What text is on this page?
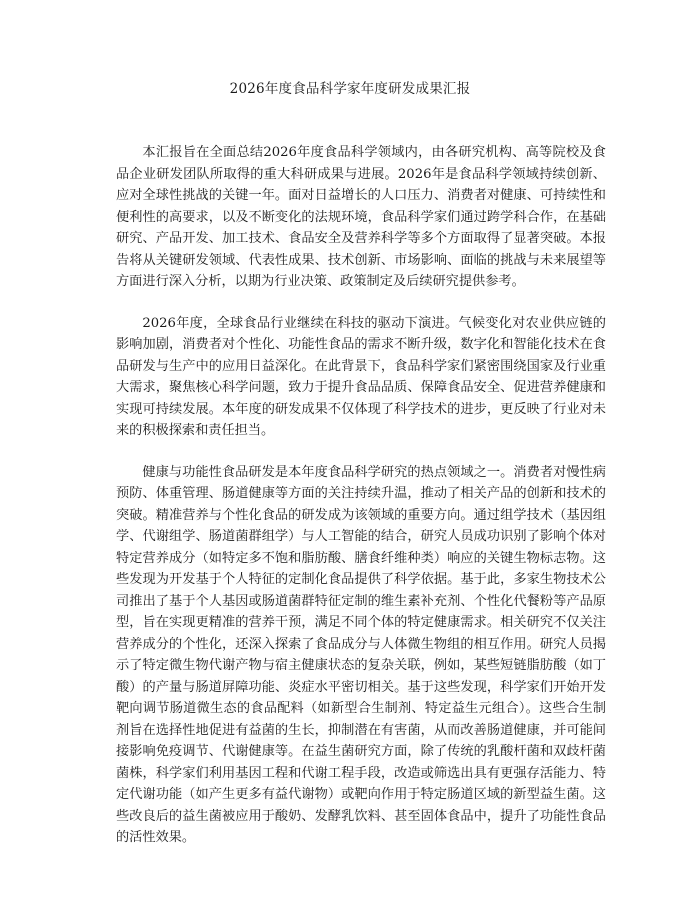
2026年度食品科学家年度研发成果汇报

本汇报旨在全面总结2026年度食品科学领域内，由各研究机构、高等院校及食品企业研发团队所取得的重大科研成果与进展。2026年是食品科学领域持续创新、应对全球性挑战的关键一年。面对日益增长的人口压力、消费者对健康、可持续性和便利性的高要求，以及不断变化的法规环境，食品科学家们通过跨学科合作，在基础研究、产品开发、加工技术、食品安全及营养科学等多个方面取得了显著突破。本报告将从关键研发领域、代表性成果、技术创新、市场影响、面临的挑战与未来展望等方面进行深入分析，以期为行业决策、政策制定及后续研究提供参考。

2026年度，全球食品行业继续在科技的驱动下演进。气候变化对农业供应链的影响加剧，消费者对个性化、功能性食品的需求不断升级，数字化和智能化技术在食品研发与生产中的应用日益深化。在此背景下，食品科学家们紧密围绕国家及行业重大需求，聚焦核心科学问题，致力于提升食品品质、保障食品安全、促进营养健康和实现可持续发展。本年度的研发成果不仅体现了科学技术的进步，更反映了行业对未来的积极探索和责任担当。

健康与功能性食品研发是本年度食品科学研究的热点领域之一。消费者对慢性病预防、体重管理、肠道健康等方面的关注持续升温，推动了相关产品的创新和技术的突破。精准营养与个性化食品的研发成为该领域的重要方向。通过组学技术（基因组学、代谢组学、肠道菌群组学）与人工智能的结合，研究人员成功识别了影响个体对特定营养成分（如特定多不饱和脂肪酸、膳食纤维种类）响应的关键生物标志物。这些发现为开发基于个人特征的定制化食品提供了科学依据。基于此，多家生物技术公司推出了基于个人基因或肠道菌群特征定制的维生素补充剂、个性化代餐粉等产品原型，旨在实现更精准的营养干预，满足不同个体的特定健康需求。相关研究不仅关注营养成分的个性化，还深入探索了食品成分与人体微生物组的相互作用。研究人员揭示了特定微生物代谢产物与宿主健康状态的复杂关联，例如，某些短链脂肪酸（如丁酸）的产量与肠道屏障功能、炎症水平密切相关。基于这些发现，科学家们开始开发靶向调节肠道微生态的食品配料（如新型合生制剂、特定益生元组合）。这些合生制剂旨在选择性地促进有益菌的生长，抑制潜在有害菌，从而改善肠道健康，并可能间接影响免疫调节、代谢健康等。在益生菌研究方面，除了传统的乳酸杆菌和双歧杆菌菌株，科学家们利用基因工程和代谢工程手段，改造或筛选出具有更强存活能力、特定代谢功能（如产生更多有益代谢物）或靶向作用于特定肠道区域的新型益生菌。这些改良后的益生菌被应用于酸奶、发酵乳饮料、甚至固体食品中，提升了功能性食品的活性效果。
